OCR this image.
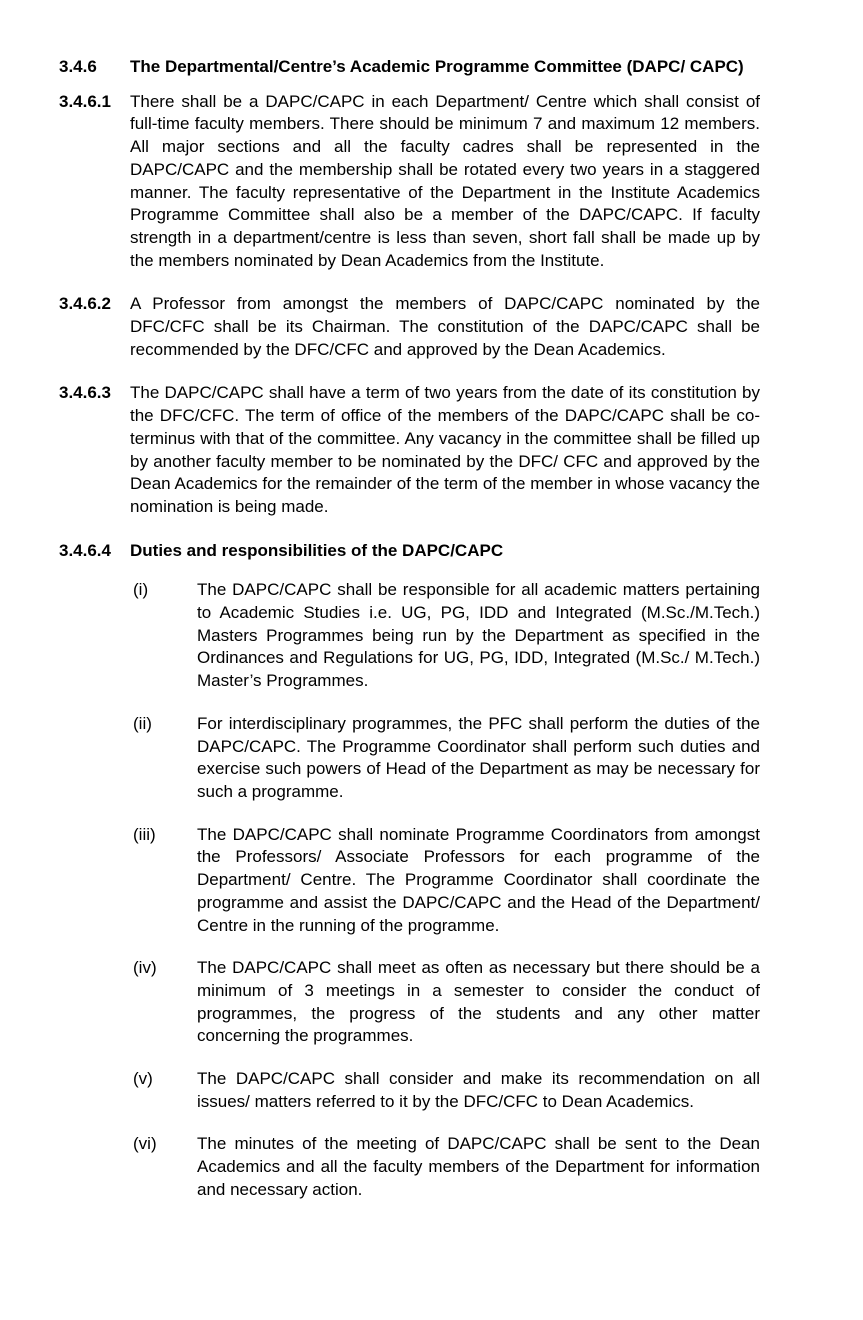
3.4.6	The Departmental/Centre’s Academic Programme Committee (DAPC/ CAPC)

3.4.6.1	There shall be a DAPC/CAPC in each Department/ Centre which shall consist of full-time faculty members. There should be minimum 7 and maximum 12 members. All major sections and all the faculty cadres shall be represented in the DAPC/CAPC and the membership shall be rotated every two years in a staggered manner. The faculty representative of the Department in the Institute Academics Programme Committee shall also be a member of the DAPC/CAPC. If faculty strength in a department/centre is less than seven, short fall shall be made up by the members nominated by Dean Academics from the Institute.

3.4.6.2	A Professor from amongst the members of DAPC/CAPC nominated by the DFC/CFC shall be its Chairman. The constitution of the DAPC/CAPC shall be recommended by the DFC/CFC and approved by the Dean Academics.

3.4.6.3	The DAPC/CAPC shall have a term of two years from the date of its constitution by the DFC/CFC. The term of office of the members of the DAPC/CAPC shall be co-terminus with that of the committee. Any vacancy in the committee shall be filled up by another faculty member to be nominated by the DFC/ CFC and approved by the Dean Academics for the remainder of the term of the member in whose vacancy the nomination is being made.

3.4.6.4	Duties and responsibilities of the DAPC/CAPC

(i)	The DAPC/CAPC shall be responsible for all academic matters pertaining to Academic Studies i.e. UG, PG, IDD and Integrated (M.Sc./M.Tech.) Masters Programmes being run by the Department as specified in the Ordinances and Regulations for UG, PG, IDD, Integrated (M.Sc./ M.Tech.) Master’s Programmes.

(ii)	For interdisciplinary programmes, the PFC shall perform the duties of the DAPC/CAPC. The Programme Coordinator shall perform such duties and exercise such powers of Head of the Department as may be necessary for such a programme.

(iii)	The DAPC/CAPC shall nominate Programme Coordinators from amongst the Professors/ Associate Professors for each programme of the Department/ Centre. The Programme Coordinator shall coordinate the programme and assist the DAPC/CAPC and the Head of the Department/ Centre in the running of the programme.

(iv)	The DAPC/CAPC shall meet as often as necessary but there should be a minimum of 3 meetings in a semester to consider the conduct of programmes, the progress of the students and any other matter concerning the programmes.

(v)	The DAPC/CAPC shall consider and make its recommendation on all issues/ matters referred to it by the DFC/CFC to Dean Academics.

(vi)	The minutes of the meeting of DAPC/CAPC shall be sent to the Dean Academics and all the faculty members of the Department for information and necessary action.
